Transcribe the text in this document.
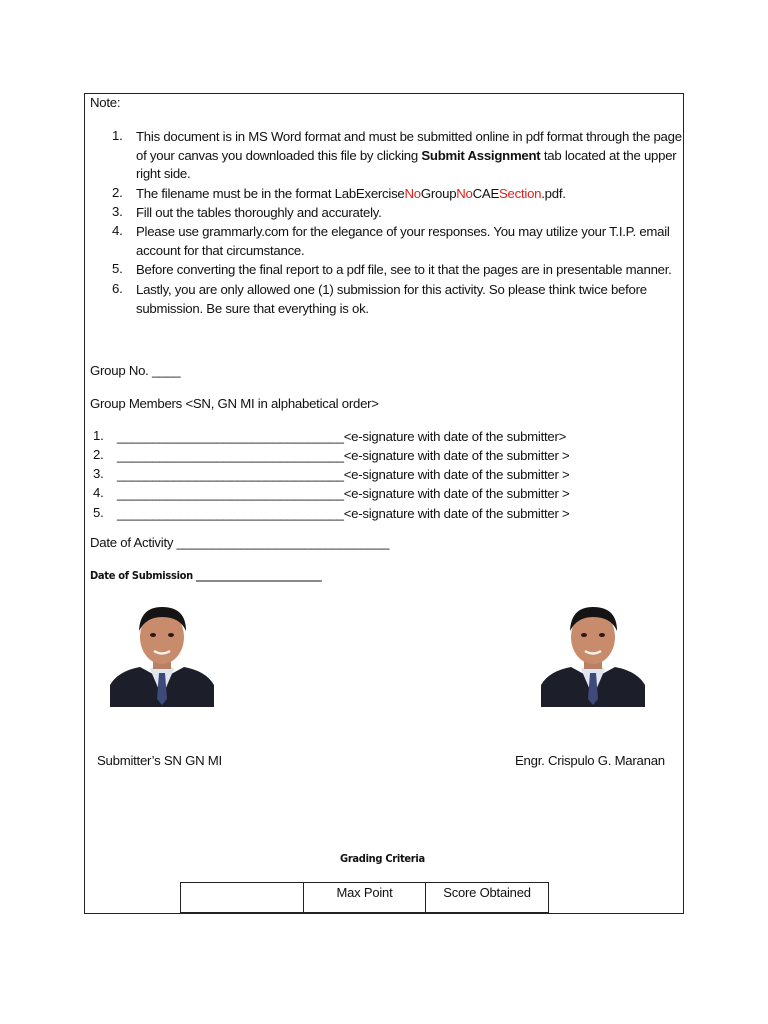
Note:
1. This document is in MS Word format and must be submitted online in pdf format through the page
of your canvas you downloaded this file by clicking Submit Assignment tab located at the upper
right side.
2. The filename must be in the format LabExerciseNoGroupNoCAESection.pdf.
3. Fill out the tables thoroughly and accurately.
4. Please use grammarly.com for the elegance of your responses. You may utilize your T.I.P. email
account for that circumstance.
5. Before converting the final report to a pdf file, see to it that the pages are in presentable manner.
6. Lastly, you are only allowed one (1) submission for this activity. So please think twice before
submission. Be sure that everything is ok.
Group No. ____
Group Members <SN, GN MI in alphabetical order>
1. ________________________________<e-signature with date of the submitter>
2. ________________________________<e-signature with date of the submitter >
3. ________________________________<e-signature with date of the submitter >
4. ________________________________<e-signature with date of the submitter >
5. ________________________________<e-signature with date of the submitter >
Date of Activity ______________________________
Date of Submission ___________________________
Submitter’s SN GN MI	Engr. Crispulo G. Maranan
Grading Criteria
	Max Point	Score Obtained
